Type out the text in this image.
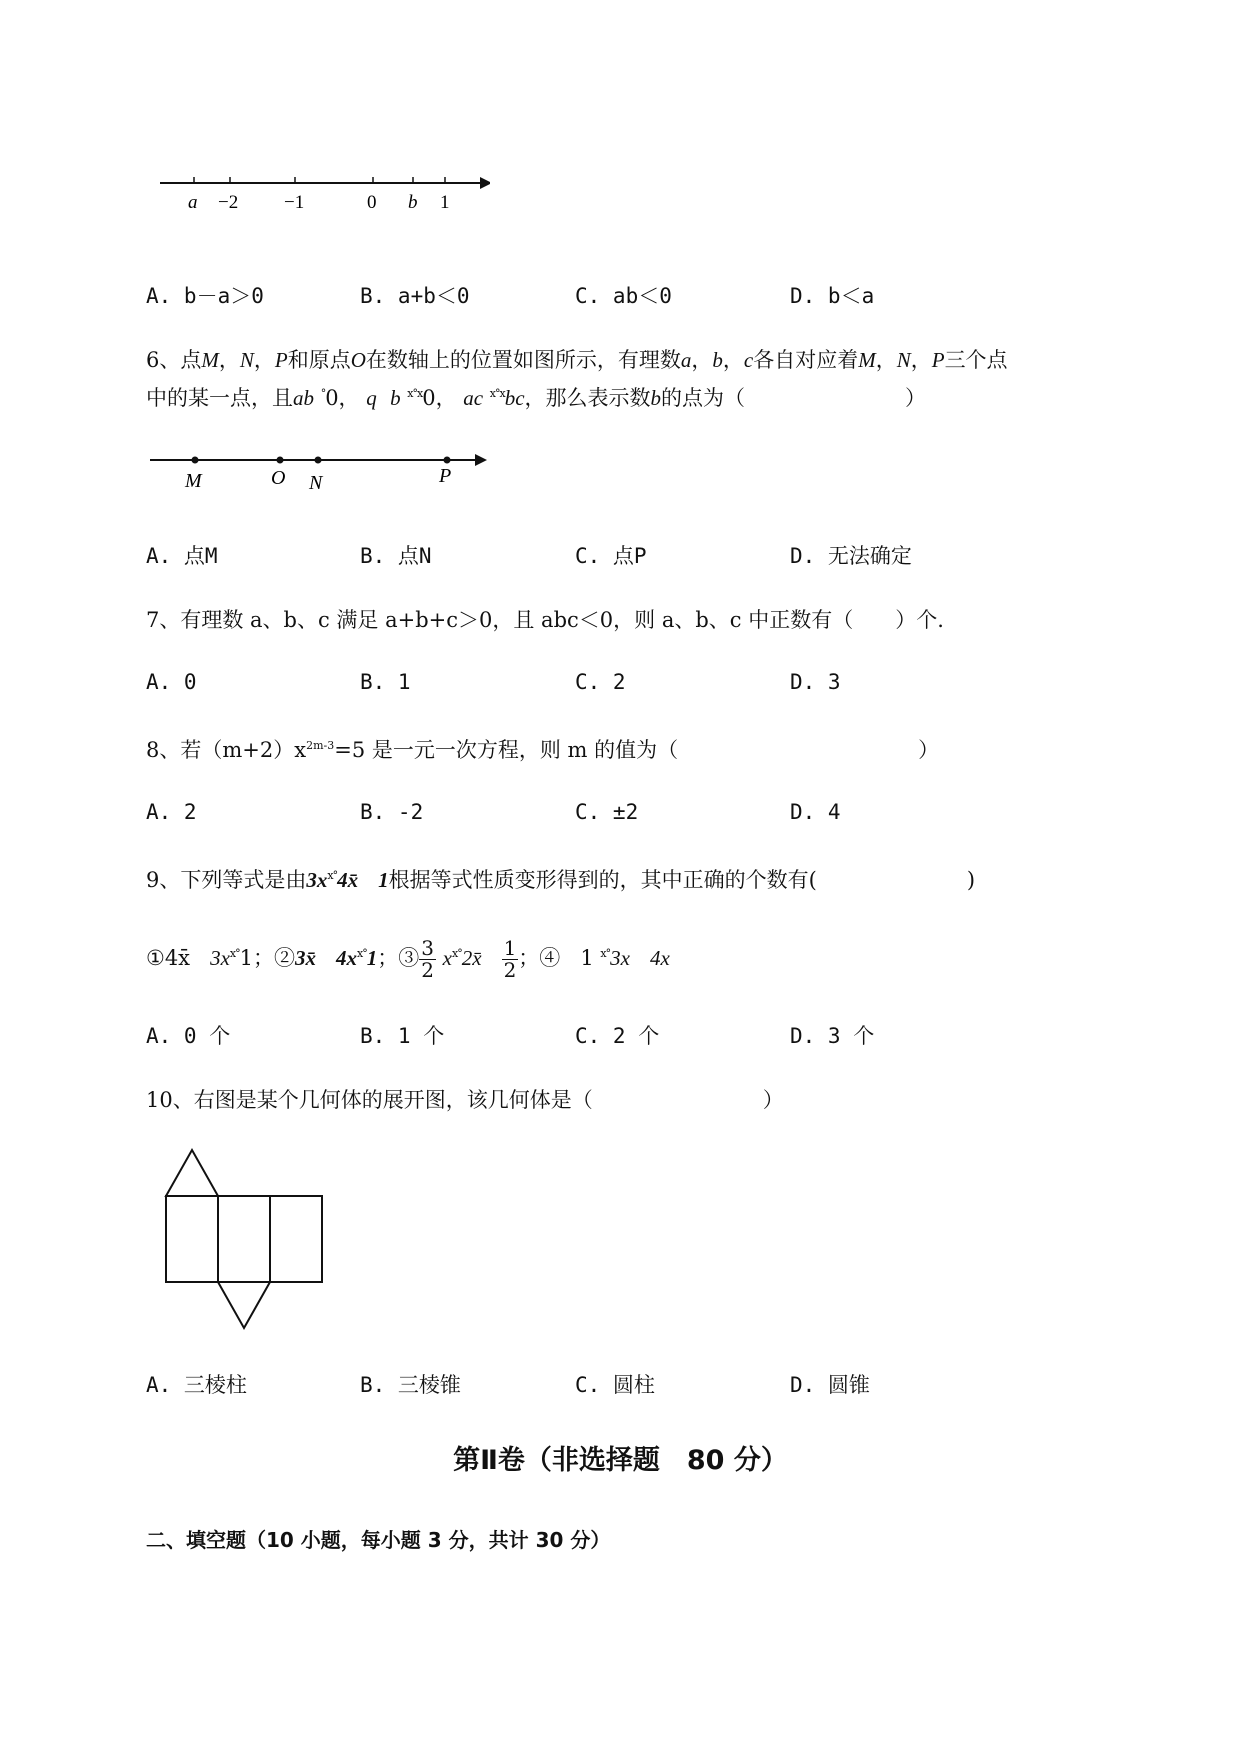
a −2 −1	0 b 1
A. b－a＞0	B. a+b＜0	C. ab＜0	D. b＜a
6、点M，N，P和原点O在数轴上的位置如图所示，有理数a，b，c各自对应着M，N，P三个点
中的某一点，且ab °0， q b $^{x^\circ x}$0， ac $^{x^\circ x}$bc，那么表示数b的点为（	）
M	O N	P
A. 点M	B. 点N	C. 点P	D. 无法确定
7、有理数 a、b、c 满足 a+b+c＞0，且 abc＜0，则 a、b、c 中正数有（　　）个.
A. 0	B. 1	C. 2	D. 3
8、若$(m+2)x^{2m-3}=5$ 是一元一次方程，则 m 的值为（	）
A. 2	B. -2	C. ±2	D. 4
9、下列等式是由$3x^{x^\circ}4x̄$ 1根据等式性质变形得到的，其中正确的个数有(	)
①4x̄ $3x^{x^\circ}1$；②3x̄ $4x^{x^\circ}1$；③ $\frac{3}{2}$ $x^{x^\circ}2x̄ \frac{1}{2}$ ；④ 1 $^{x^\circ}$3x 4x
A. 0 个	B. 1 个	C. 2 个	D. 3 个
10、右图是某个几何体的展开图，该几何体是（	）
A. 三棱柱	B. 三棱锥	C. 圆柱	D. 圆锥
第Ⅱ卷（非选择题　80 分）
二、填空题（10 小题，每小题 3 分，共计 30 分）
